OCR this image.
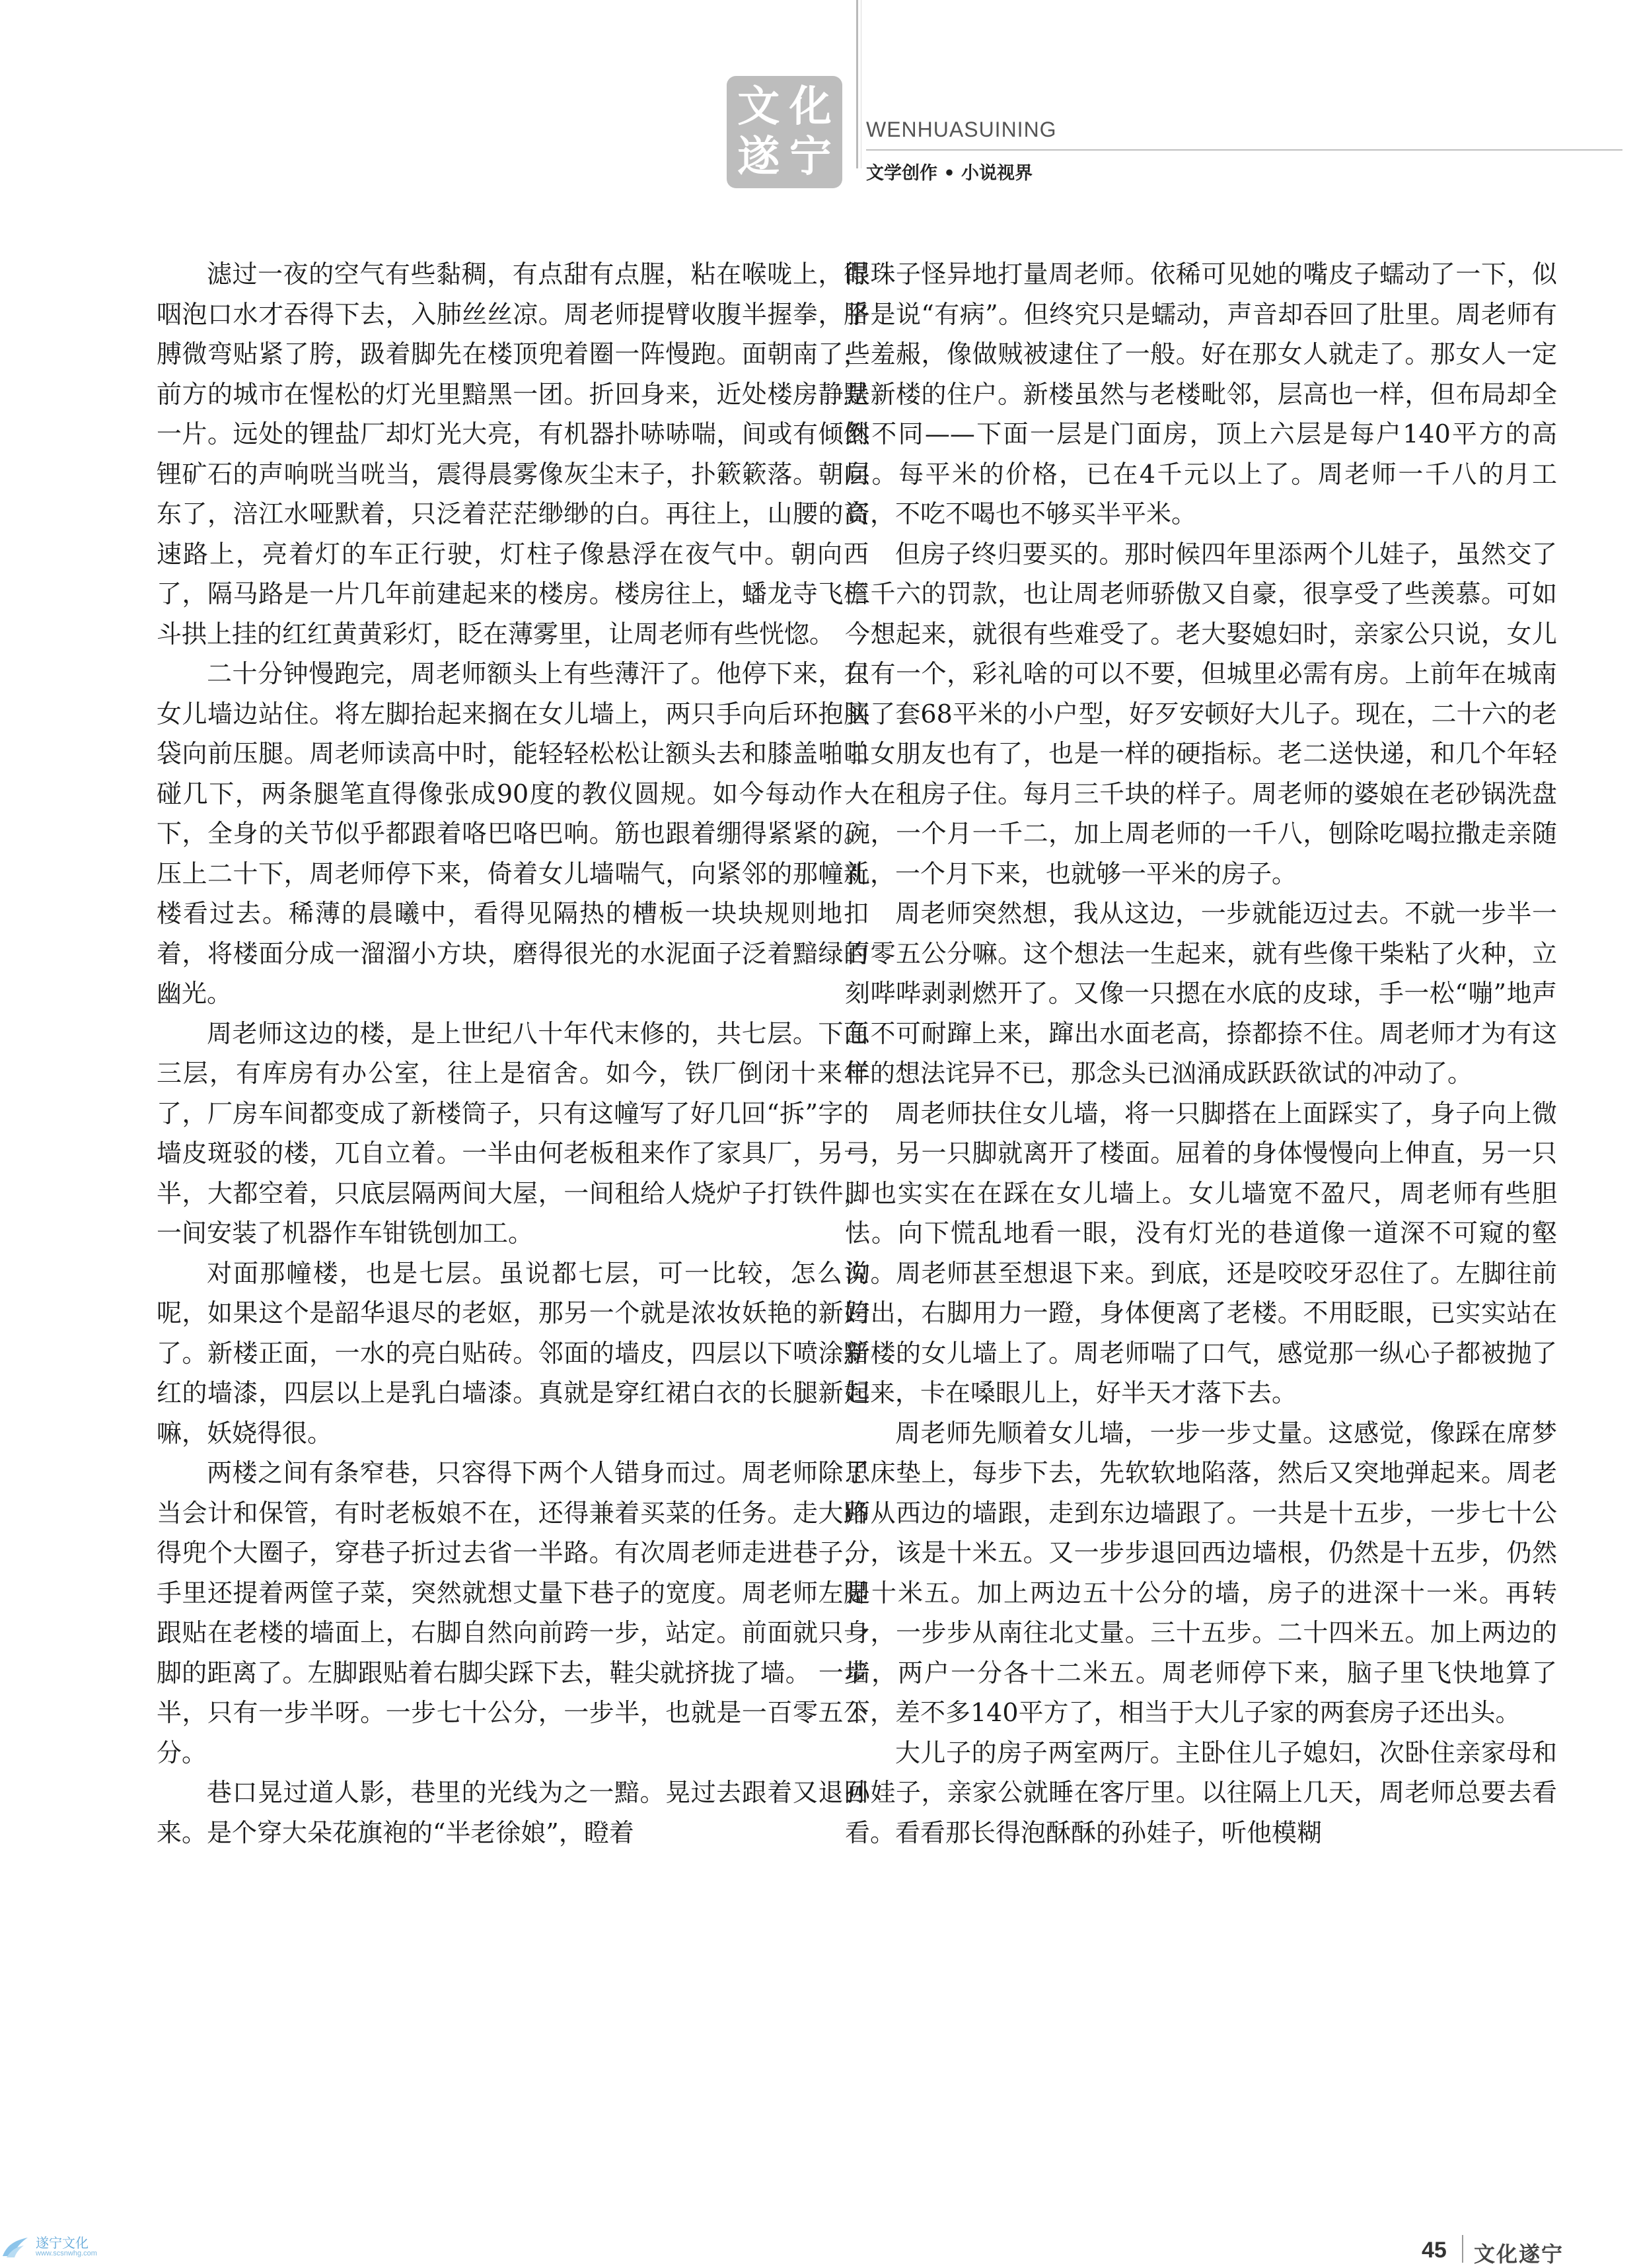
文 化
遂 宁
WENHUASUINING
文学创作 • 小说视界

滤过一夜的空气有些黏稠，有点甜有点腥，粘在喉咙上，得咽泡口水才吞得下去，入肺丝丝凉。周老师提臂收腹半握拳，胳膊微弯贴紧了胯，趿着脚先在楼顶兜着圈一阵慢跑。面朝南了，前方的城市在惺松的灯光里黯黑一团。折回身来，近处楼房静默一片。远处的锂盐厂却灯光大亮，有机器扑哧哧喘，间或有倾倒锂矿石的声响咣当咣当，震得晨雾像灰尘末子，扑簌簌落。朝向东了，涪江水哑默着，只泛着茫茫缈缈的白。再往上，山腰的高速路上，亮着灯的车正行驶，灯柱子像悬浮在夜气中。朝向西了，隔马路是一片几年前建起来的楼房。楼房往上，蟠龙寺飞檐斗拱上挂的红红黄黄彩灯，眨在薄雾里，让周老师有些恍惚。

二十分钟慢跑完，周老师额头上有些薄汗了。他停下来，在女儿墙边站住。将左脚抬起来搁在女儿墙上，两只手向后环抱脑袋向前压腿。周老师读高中时，能轻轻松松让额头去和膝盖啪啪碰几下，两条腿笔直得像张成90度的教仪圆规。如今每动作一下，全身的关节似乎都跟着咯巴咯巴响。筋也跟着绷得紧紧的。压上二十下，周老师停下来，倚着女儿墙喘气，向紧邻的那幢新楼看过去。稀薄的晨曦中，看得见隔热的槽板一块块规则地扣着，将楼面分成一溜溜小方块，磨得很光的水泥面子泛着黯绿的幽光。

周老师这边的楼，是上世纪八十年代末修的，共七层。下面三层，有库房有办公室，往上是宿舍。如今，铁厂倒闭十来年了，厂房车间都变成了新楼筒子，只有这幢写了好几回“拆”字的墙皮斑驳的楼，兀自立着。一半由何老板租来作了家具厂，另一半，大都空着，只底层隔两间大屋，一间租给人烧炉子打铁件，一间安装了机器作车钳铣刨加工。

对面那幢楼，也是七层。虽说都七层，可一比较，怎么说呢，如果这个是韶华退尽的老妪，那另一个就是浓妆妖艳的新妇了。新楼正面，一水的亮白贴砖。邻面的墙皮，四层以下喷涂黯红的墙漆，四层以上是乳白墙漆。真就是穿红裙白衣的长腿新妇嘛，妖娆得很。

两楼之间有条窄巷，只容得下两个人错身而过。周老师除了当会计和保管，有时老板娘不在，还得兼着买菜的任务。走大路得兜个大圈子，穿巷子折过去省一半路。有次周老师走进巷子，手里还提着两筐子菜，突然就想丈量下巷子的宽度。周老师左脚跟贴在老楼的墙面上，右脚自然向前跨一步，站定。前面就只一脚的距离了。左脚跟贴着右脚尖踩下去，鞋尖就挤拢了墙。 一步半，只有一步半呀。一步七十公分，一步半，也就是一百零五公分。

巷口晃过道人影，巷里的光线为之一黯。晃过去跟着又退回来。是个穿大朵花旗袍的“半老徐娘”，瞪着

眼珠子怪异地打量周老师。依稀可见她的嘴皮子蠕动了一下，似乎是说“有病”。但终究只是蠕动，声音却吞回了肚里。周老师有些羞赧，像做贼被逮住了一般。好在那女人就走了。那女人一定是新楼的住户。新楼虽然与老楼毗邻，层高也一样，但布局却全然不同——下面一层是门面房，顶上六层是每户140平方的高层。每平米的价格，已在4千元以上了。周老师一千八的月工资，不吃不喝也不够买半平米。

但房子终归要买的。那时候四年里添两个儿娃子，虽然交了三千六的罚款，也让周老师骄傲又自豪，很享受了些羡慕。可如今想起来，就很有些难受了。老大娶媳妇时，亲家公只说，女儿只有一个，彩礼啥的可以不要，但城里必需有房。上前年在城南买了套68平米的小户型，好歹安顿好大儿子。现在，二十六的老二女朋友也有了，也是一样的硬指标。老二送快递，和几个年轻人在租房子住。每月三千块的样子。周老师的婆娘在老砂锅洗盘碗，一个月一千二，加上周老师的一千八，刨除吃喝拉撒走亲随礼，一个月下来，也就够一平米的房子。

周老师突然想，我从这边，一步就能迈过去。不就一步半一百零五公分嘛。这个想法一生起来，就有些像干柴粘了火种，立刻哔哔剥剥燃开了。又像一只摁在水底的皮球，手一松“嘣”地声急不可耐蹿上来，蹿出水面老高，捺都捺不住。周老师才为有这样的想法诧异不已，那念头已汹涌成跃跃欲试的冲动了。

周老师扶住女儿墙，将一只脚搭在上面踩实了，身子向上微弓，另一只脚就离开了楼面。屈着的身体慢慢向上伸直，另一只脚也实实在在踩在女儿墙上。女儿墙宽不盈尺，周老师有些胆怯。向下慌乱地看一眼，没有灯光的巷道像一道深不可窥的壑沟。周老师甚至想退下来。到底，还是咬咬牙忍住了。左脚往前跨出，右脚用力一蹬，身体便离了老楼。不用眨眼，已实实站在新楼的女儿墙上了。周老师喘了口气，感觉那一纵心子都被抛了起来，卡在嗓眼儿上，好半天才落下去。

周老师先顺着女儿墙，一步一步丈量。这感觉，像踩在席梦思床垫上，每步下去，先软软地陷落，然后又突地弹起来。周老师从西边的墙跟，走到东边墙跟了。一共是十五步，一步七十公分，该是十米五。又一步步退回西边墙根，仍然是十五步，仍然是十米五。加上两边五十公分的墙，房子的进深十一米。再转身，一步步从南往北丈量。三十五步。二十四米五。加上两边的墙，两户一分各十二米五。周老师停下来，脑子里飞快地算了下，差不多140平方了，相当于大儿子家的两套房子还出头。

大儿子的房子两室两厅。主卧住儿子媳妇，次卧住亲家母和孙娃子，亲家公就睡在客厅里。以往隔上几天，周老师总要去看看。看看那长得泡酥酥的孙娃子，听他模糊

45 文化遂宁
遂宁文化
www.scsnwhg.com
